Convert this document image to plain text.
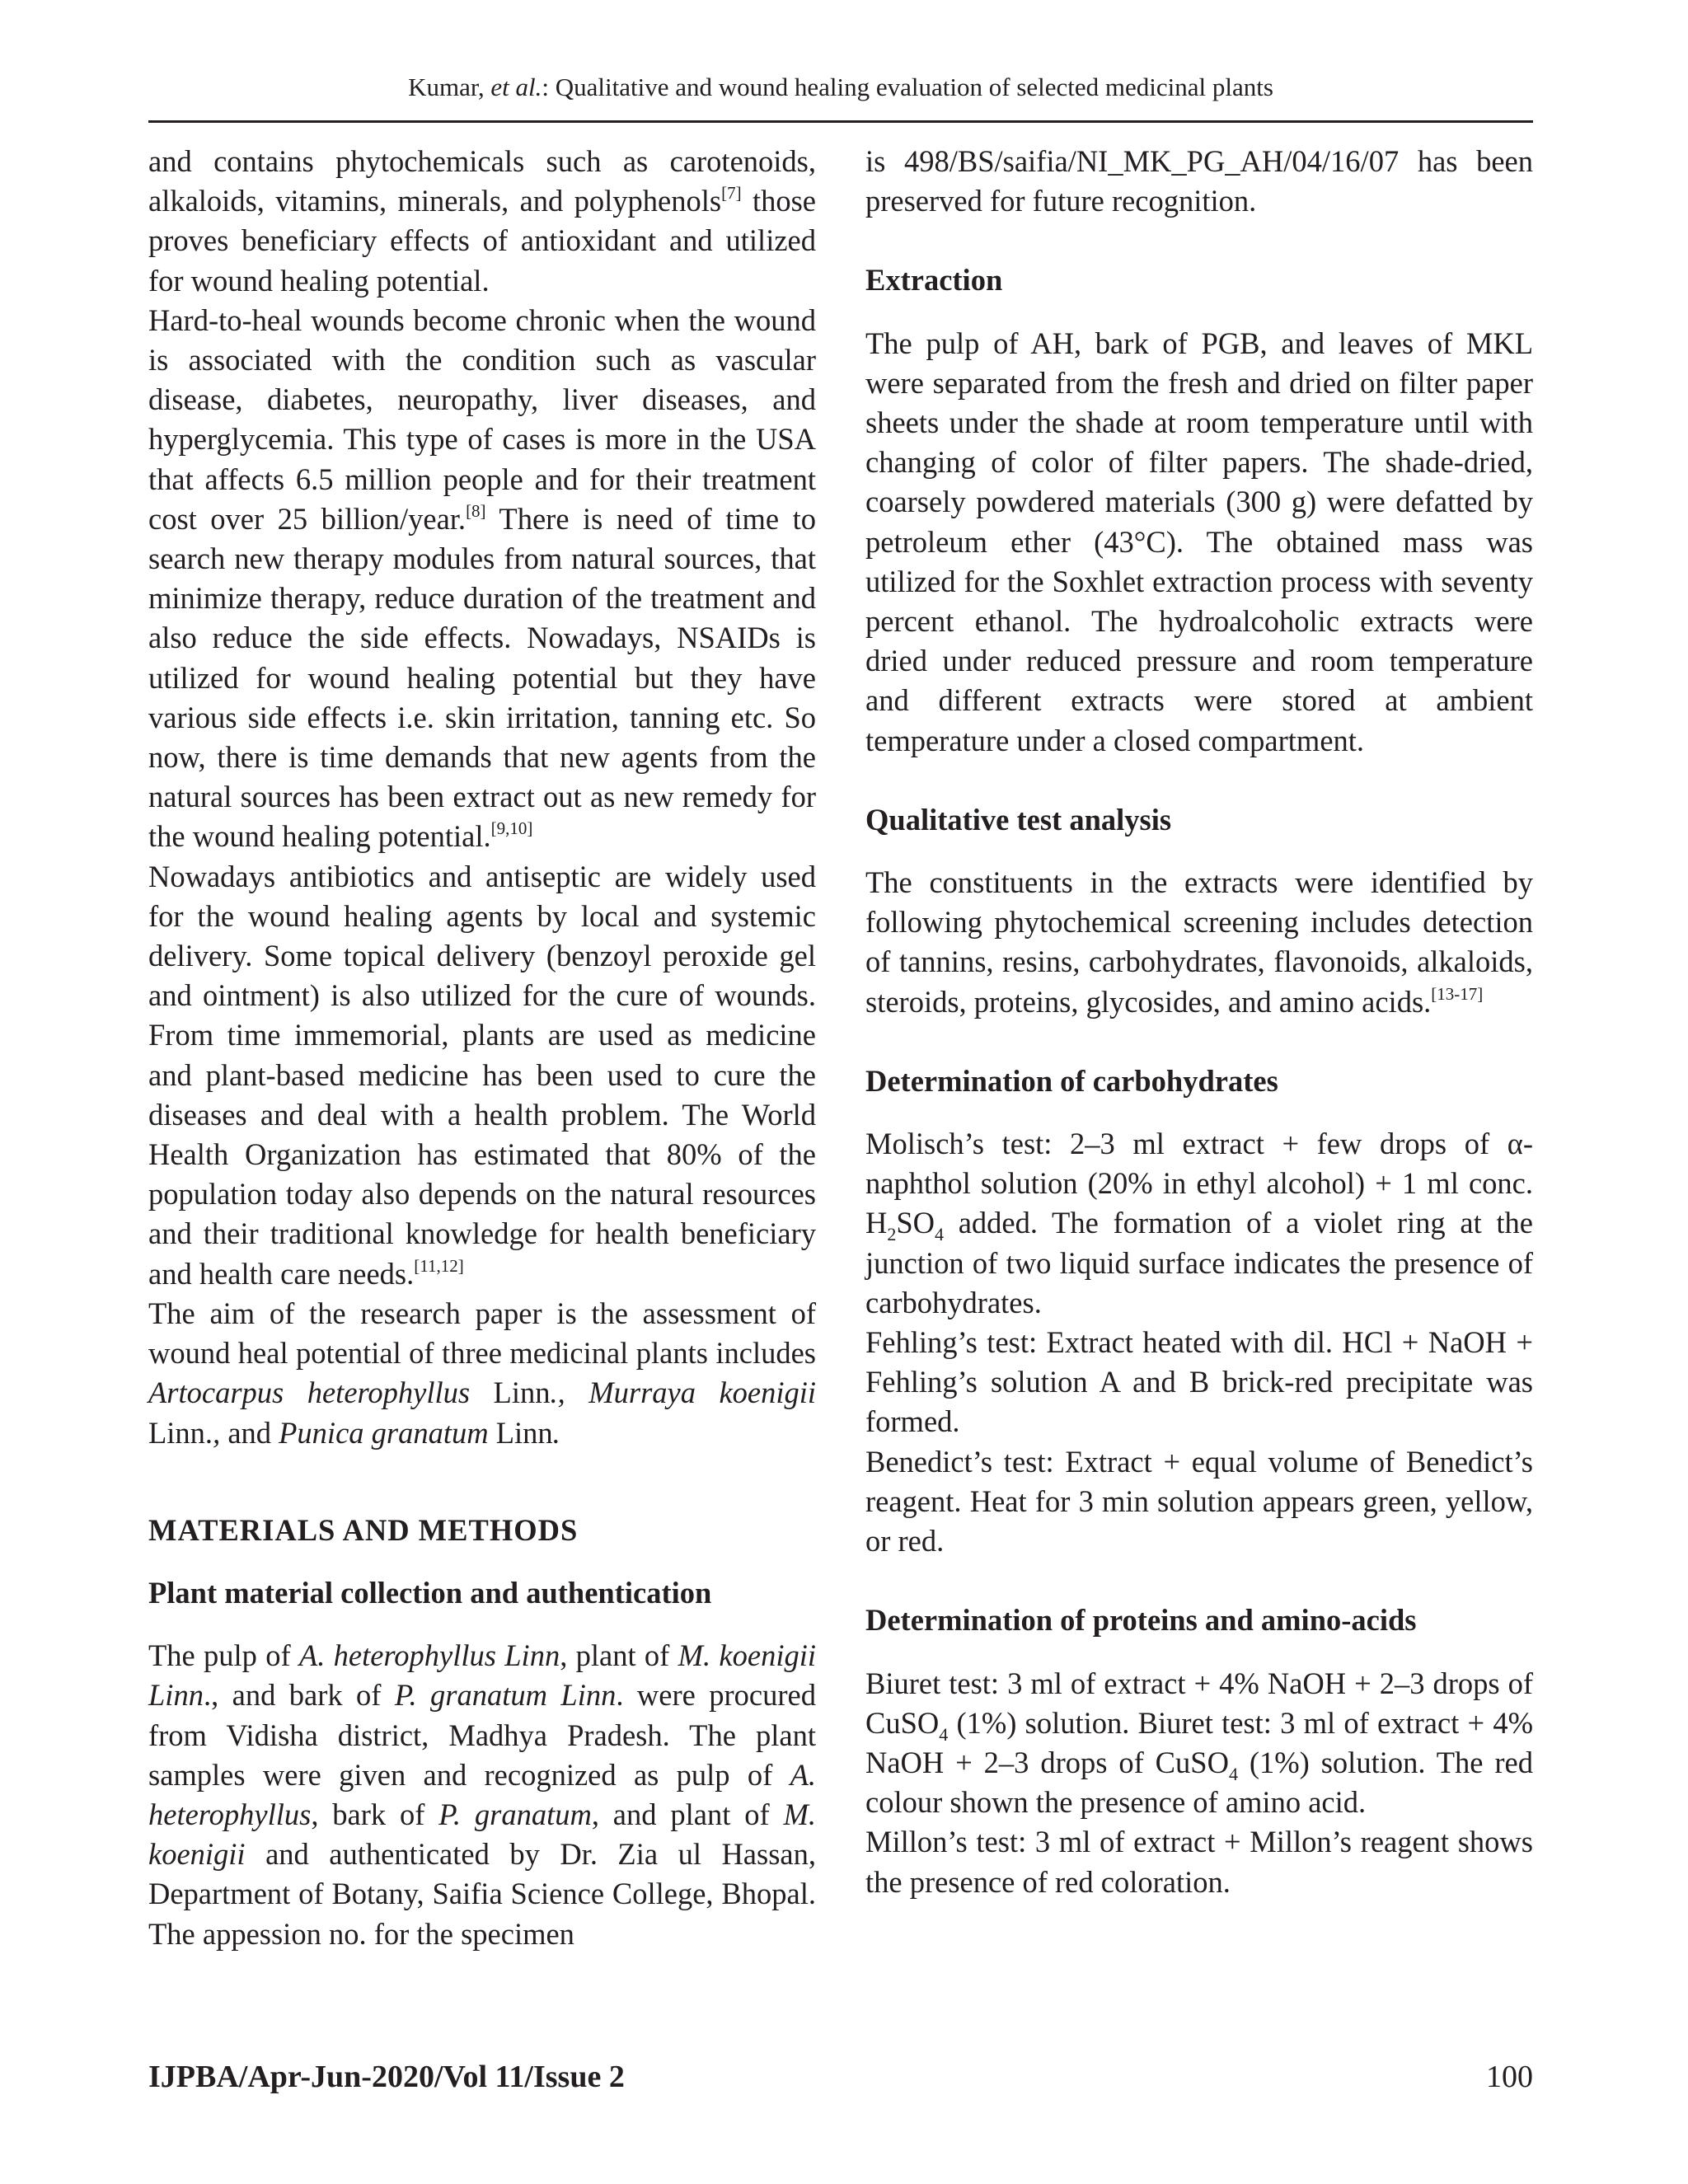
Kumar, et al.: Qualitative and wound healing evaluation of selected medicinal plants

and contains phytochemicals such as carotenoids, alkaloids, vitamins, minerals, and polyphenols[7] those proves beneficiary effects of antioxidant and utilized for wound healing potential.

Hard-to-heal wounds become chronic when the wound is associated with the condition such as vascular disease, diabetes, neuropathy, liver diseases, and hyperglycemia. This type of cases is more in the USA that affects 6.5 million people and for their treatment cost over 25 billion/year.[8] There is need of time to search new therapy modules from natural sources, that minimize therapy, reduce duration of the treatment and also reduce the side effects. Nowadays, NSAIDs is utilized for wound healing potential but they have various side effects i.e. skin irritation, tanning etc. So now, there is time demands that new agents from the natural sources has been extract out as new remedy for the wound healing potential.[9,10]

Nowadays antibiotics and antiseptic are widely used for the wound healing agents by local and systemic delivery. Some topical delivery (benzoyl peroxide gel and ointment) is also utilized for the cure of wounds. From time immemorial, plants are used as medicine and plant-based medicine has been used to cure the diseases and deal with a health problem. The World Health Organization has estimated that 80% of the population today also depends on the natural resources and their traditional knowledge for health beneficiary and health care needs.[11,12]

The aim of the research paper is the assessment of wound heal potential of three medicinal plants includes Artocarpus heterophyllus Linn., Murraya koenigii Linn., and Punica granatum Linn.

MATERIALS AND METHODS
Plant material collection and authentication

The pulp of A. heterophyllus Linn, plant of M. koenigii Linn., and bark of P. granatum Linn. were procured from Vidisha district, Madhya Pradesh. The plant samples were given and recognized as pulp of A. heterophyllus, bark of P. granatum, and plant of M. koenigii and authenticated by Dr. Zia ul Hassan, Department of Botany, Saifia Science College, Bhopal. The appession no. for the specimen

is 498/BS/saifia/NI_MK_PG_AH/04/16/07 has been preserved for future recognition.

Extraction

The pulp of AH, bark of PGB, and leaves of MKL were separated from the fresh and dried on filter paper sheets under the shade at room temperature until with changing of color of filter papers. The shade-dried, coarsely powdered materials (300 g) were defatted by petroleum ether (43°C). The obtained mass was utilized for the Soxhlet extraction process with seventy percent ethanol. The hydroalcoholic extracts were dried under reduced pressure and room temperature and different extracts were stored at ambient temperature under a closed compartment.

Qualitative test analysis

The constituents in the extracts were identified by following phytochemical screening includes detection of tannins, resins, carbohydrates, flavonoids, alkaloids, steroids, proteins, glycosides, and amino acids.[13-17]

Determination of carbohydrates

Molisch’s test: 2–3 ml extract + few drops of α-naphthol solution (20% in ethyl alcohol) + 1 ml conc. $H_2SO_4$ added. The formation of a violet ring at the junction of two liquid surface indicates the presence of carbohydrates.

Fehling’s test: Extract heated with dil. HCl + NaOH + Fehling’s solution A and B brick-red precipitate was formed.

Benedict’s test: Extract + equal volume of Benedict’s reagent. Heat for 3 min solution appears green, yellow, or red.

Determination of proteins and amino-acids

Biuret test: 3 ml of extract + 4% NaOH + 2–3 drops of CuSO$_4$ (1%) solution. Biuret test: 3 ml of extract + 4% NaOH + 2–3 drops of CuSO$_4$ (1%) solution. The red colour shown the presence of amino acid.

Millon’s test: 3 ml of extract + Millon’s reagent shows the presence of red coloration.

IJPBA/Apr-Jun-2020/Vol 11/Issue 2	100
